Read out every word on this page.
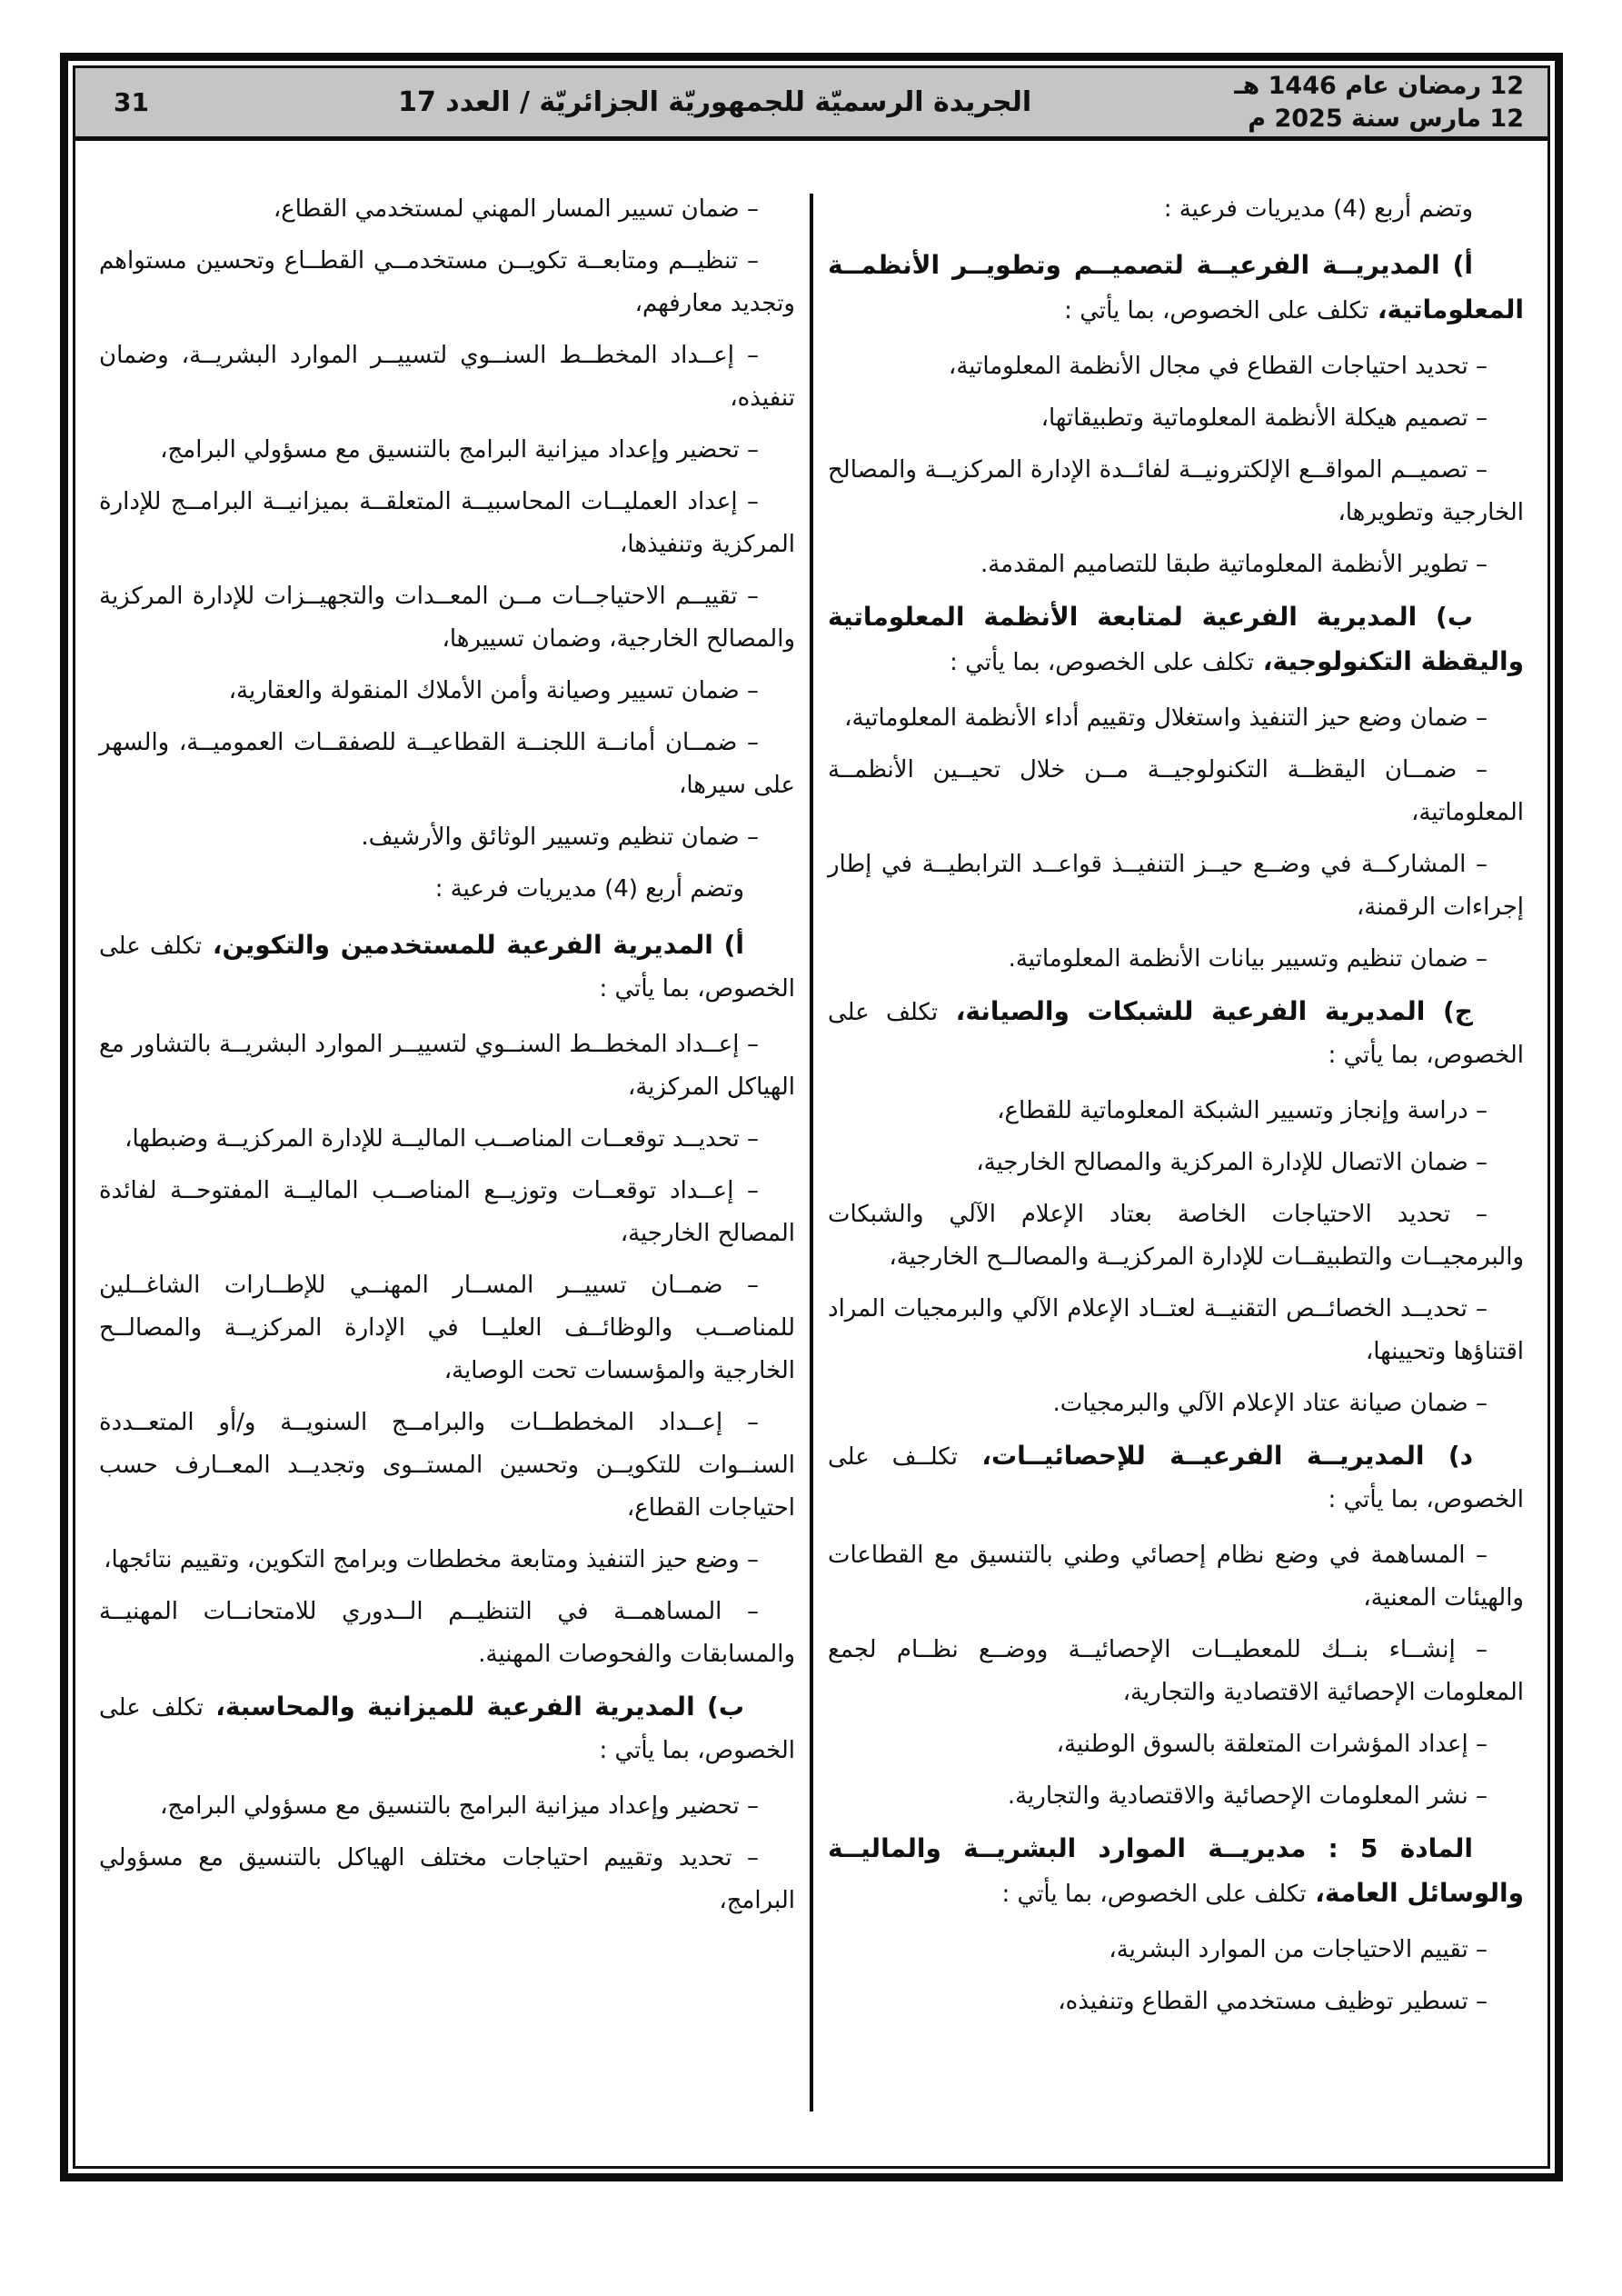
12 رمضان عام 1446 هـ
12 مارس سنة 2025 م
الجريدة الرسميّة للجمهوريّة الجزائريّة / العدد 17
31

وتضم أربع (4) مديريات فرعية :

أ) المديريــة الفرعيــة لتصميــم وتطويــر الأنظمــة المعلوماتية، تكلف على الخصوص، بما يأتي :

– تحديد احتياجات القطاع في مجال الأنظمة المعلوماتية،

– تصميم هيكلة الأنظمة المعلوماتية وتطبيقاتها،

– تصميــم المواقــع الإلكترونيــة لفائــدة الإدارة المركزيــة والمصالح الخارجية وتطويرها،

– تطوير الأنظمة المعلوماتية طبقا للتصاميم المقدمة.

ب) المديرية الفرعية لمتابعة الأنظمة المعلوماتية واليقظة التكنولوجية، تكلف على الخصوص، بما يأتي :

– ضمان وضع حيز التنفيذ واستغلال وتقييم أداء الأنظمة المعلوماتية،

– ضمــان اليقظــة التكنولوجيــة مــن خلال تحيــين الأنظمــة المعلوماتية،

– المشاركــة في وضــع حيــز التنفيــذ قواعــد الترابطيــة في إطار إجراءات الرقمنة،

– ضمان تنظيم وتسيير بيانات الأنظمة المعلوماتية.

ج) المديرية الفرعية للشبكات والصيانة، تكلف على الخصوص، بما يأتي :

– دراسة وإنجاز وتسيير الشبكة المعلوماتية للقطاع،

– ضمان الاتصال للإدارة المركزية والمصالح الخارجية،

– تحديد الاحتياجات الخاصة بعتاد الإعلام الآلي والشبكات والبرمجيــات والتطبيقــات للإدارة المركزيــة والمصالــح الخارجية،

– تحديــد الخصائــص التقنيــة لعتــاد الإعلام الآلي والبرمجيات المراد اقتناؤها وتحيينها،

– ضمان صيانة عتاد الإعلام الآلي والبرمجيات.

د) المديريــة الفرعيــة للإحصائيــات، تكلــف على الخصوص، بما يأتي :

– المساهمة في وضع نظام إحصائي وطني بالتنسيق مع القطاعات والهيئات المعنية،

– إنشــاء بنــك للمعطيــات الإحصائيــة ووضــع نظــام لجمع المعلومات الإحصائية الاقتصادية والتجارية،

– إعداد المؤشرات المتعلقة بالسوق الوطنية،

– نشر المعلومات الإحصائية والاقتصادية والتجارية.

المادة 5 : مديريــة الموارد البشريــة والماليــة والوسائل العامة، تكلف على الخصوص، بما يأتي :

– تقييم الاحتياجات من الموارد البشرية،

– تسطير توظيف مستخدمي القطاع وتنفيذه،

– ضمان تسيير المسار المهني لمستخدمي القطاع،

– تنظيــم ومتابعــة تكويــن مستخدمــي القطــاع وتحسين مستواهم وتجديد معارفهم،

– إعــداد المخطــط السنــوي لتسييــر الموارد البشريــة، وضمان تنفيذه،

– تحضير وإعداد ميزانية البرامج بالتنسيق مع مسؤولي البرامج،

– إعداد العمليــات المحاسبيــة المتعلقــة بميزانيــة البرامــج للإدارة المركزية وتنفيذها،

– تقييــم الاحتياجــات مــن المعــدات والتجهيــزات للإدارة المركزية والمصالح الخارجية، وضمان تسييرها،

– ضمان تسيير وصيانة وأمن الأملاك المنقولة والعقارية،

– ضمــان أمانــة اللجنــة القطاعيــة للصفقــات العموميــة، والسهر على سيرها،

– ضمان تنظيم وتسيير الوثائق والأرشيف.

وتضم أربع (4) مديريات فرعية :

أ) المديرية الفرعية للمستخدمين والتكوين، تكلف على الخصوص، بما يأتي :

– إعــداد المخطــط السنــوي لتسييــر الموارد البشريــة بالتشاور مع الهياكل المركزية،

– تحديــد توقعــات المناصــب الماليــة للإدارة المركزيــة وضبطها،

– إعــداد توقعــات وتوزيــع المناصــب الماليــة المفتوحــة لفائدة المصالح الخارجية،

– ضمــان تسييــر المســار المهنــي للإطــارات الشاغــلين للمناصــب والوظائــف العليــا في الإدارة المركزيــة والمصالــح الخارجية والمؤسسات تحت الوصاية،

– إعــداد المخططــات والبرامــج السنويــة و/أو المتعــددة السنــوات للتكويــن وتحسين المستــوى وتجديــد المعــارف حسب احتياجات القطاع،

– وضع حيز التنفيذ ومتابعة مخططات وبرامج التكوين، وتقييم نتائجها،

– المساهمــة في التنظيــم الــدوري للامتحانــات المهنيــة والمسابقات والفحوصات المهنية.

ب) المديرية الفرعية للميزانية والمحاسبة، تكلف على الخصوص، بما يأتي :

– تحضير وإعداد ميزانية البرامج بالتنسيق مع مسؤولي البرامج،

– تحديد وتقييم احتياجات مختلف الهياكل بالتنسيق مع مسؤولي البرامج،
